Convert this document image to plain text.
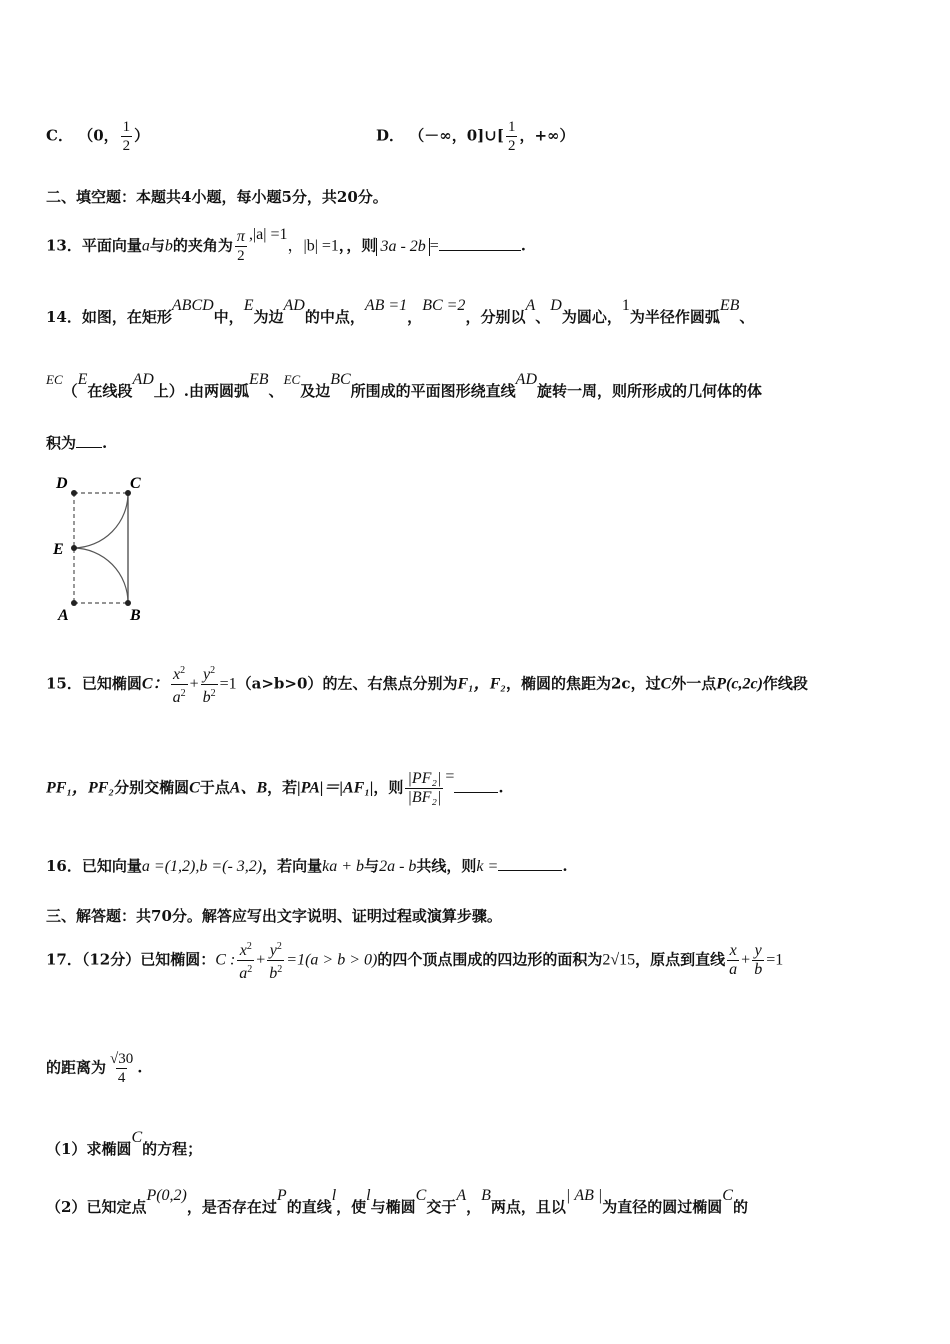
C． （0， $\frac{1}{2}$ ）	D． （－∞，0]∪[ $\frac{1}{2}$ ，+∞）
二、填空题：本题共4小题，每小题5分，共20分。
13．平面向量a与b的夹角为 $\frac{\pi}{2} ,|a| =1$，|b| =1，，则 3a - 2b =	.
14．如图，在矩形ABCD中，E为边AD的中点，AB =1，BC =2，分别以A、D为圆心，1为半径作圆弧EB、
EC（E在线段AD上）.由两圆弧EB、EC及边BC所围成的平面图形绕直线AD旋转一周，则所形成的几何体的体
积为 .
D	C
E
A	B
15．已知椭圆C： $\frac{x^2}{a^2} + \frac{y^2}{b^2} =1(a>b>0)$的左、右焦点分别为F₁，F₂，椭圆的焦距为2c，过C外一点P(c,2c)作线段
PF₁，PF₂分别交椭圆C于点A、B，若|PA|＝|AF₁|，则 $\frac{\text{|PF₂|}}{\text{|BF₂|}}$ =.
16．已知向量a =(1,2),b =(- 3,2)，若向量ka + b与2a - b共线，则k =	.
三、解答题：共70分。解答应写出文字说明、证明过程或演算步骤。
17．（12分）已知椭圆：C : $\frac{x^2}{a^2} + \frac{y^2}{b^2} =1(a > b > 0)$的四个顶点围成的四边形的面积为2√15，原点到直线 $\frac{x}{a} + \frac{y}{b} =1$
的距离为 $\frac{√30}{4}$ .
（1）求椭圆C的方程；
（2）已知定点P(0,2)，是否存在过P的直线l，使l与椭圆C交于A，B两点，且以| AB |为直径的圆过椭圆C的
